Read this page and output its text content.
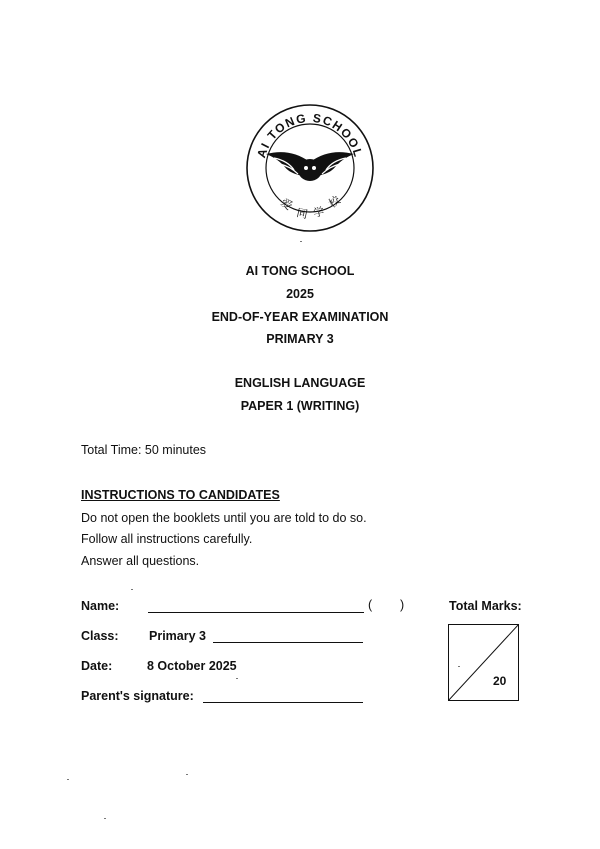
AI TONG SCHOOL
爱
同 学
校
AI TONG SCHOOL
2025
END-OF-YEAR EXAMINATION
PRIMARY 3
ENGLISH LANGUAGE
PAPER 1 (WRITING)
Total Time: 50 minutes
INSTRUCTIONS TO CANDIDATES
Do not open the booklets until you are told to do so.
Follow all instructions carefully.
Answer all questions.
Name:	( )
Class: Primary 3
Date:	8 October 2025
Parent's signature:
Total Marks:
20
